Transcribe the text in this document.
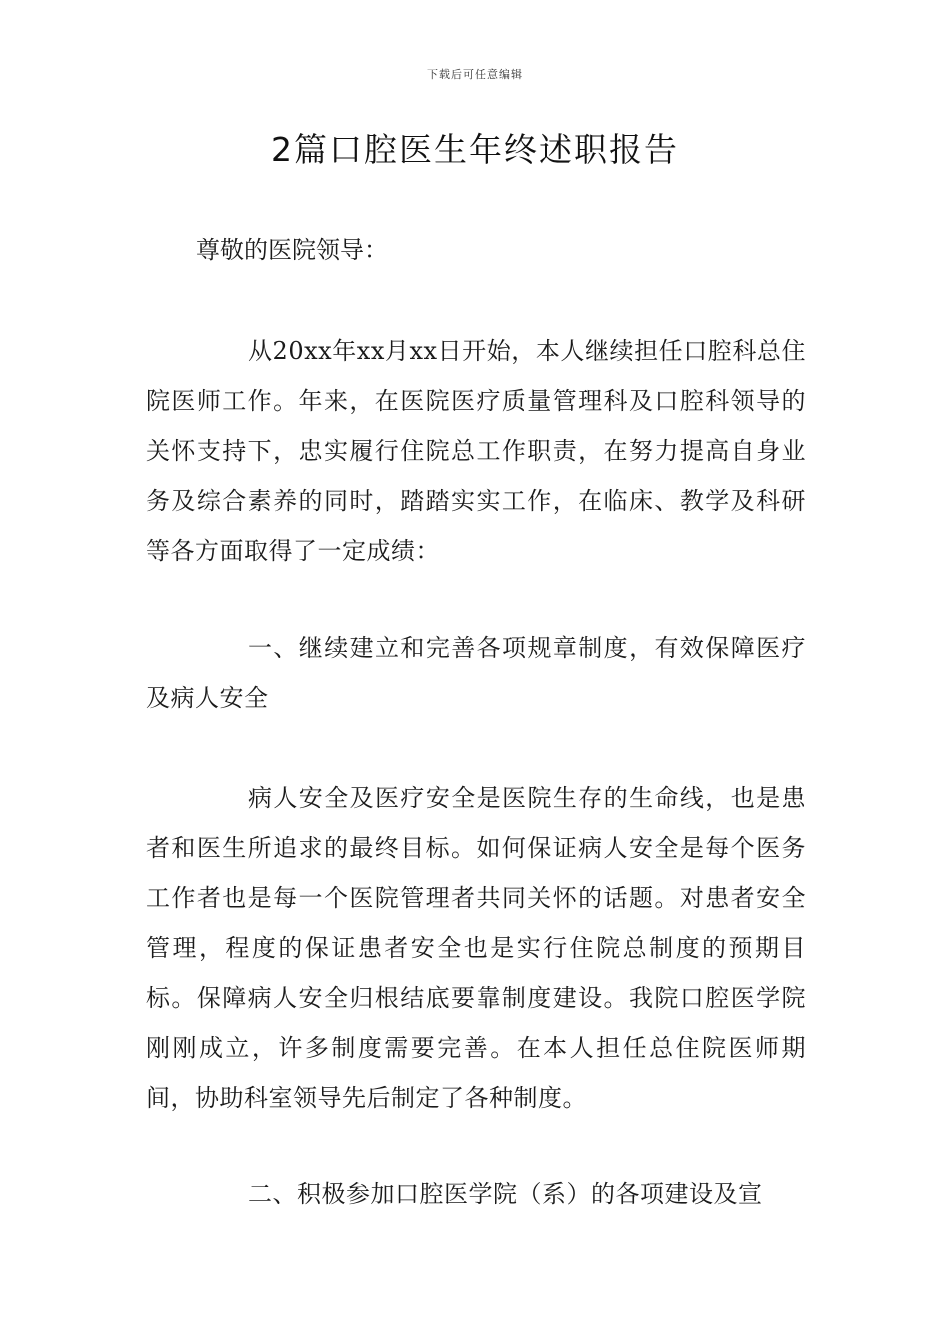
下载后可任意编辑
2篇口腔医生年终述职报告
尊敬的医院领导：
从20xx年xx月xx日开始，本人继续担任口腔科总住院医师工作。年来，在医院医疗质量管理科及口腔科领导的关怀支持下，忠实履行住院总工作职责，在努力提高自身业务及综合素养的同时，踏踏实实工作，在临床、教学及科研等各方面取得了一定成绩：
一、继续建立和完善各项规章制度，有效保障医疗及病人安全
病人安全及医疗安全是医院生存的生命线，也是患者和医生所追求的最终目标。如何保证病人安全是每个医务工作者也是每一个医院管理者共同关怀的话题。对患者安全管理，程度的保证患者安全也是实行住院总制度的预期目标。保障病人安全归根结底要靠制度建设。我院口腔医学院刚刚成立，许多制度需要完善。在本人担任总住院医师期间，协助科室领导先后制定了各种制度。
二、积极参加口腔医学院（系）的各项建设及宣
